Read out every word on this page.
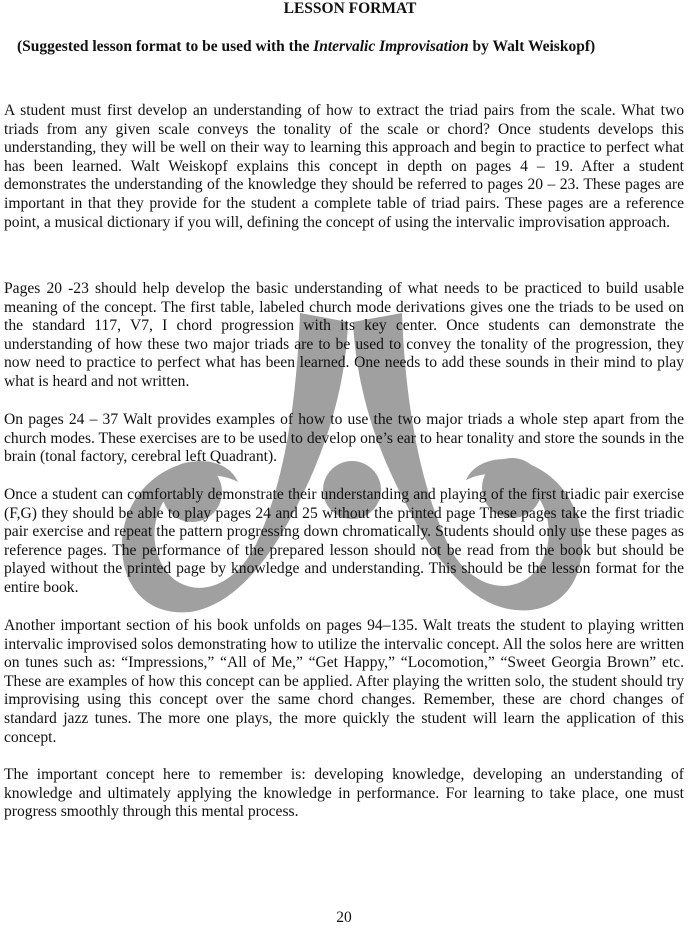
LESSON FORMAT

(Suggested lesson format to be used with the Intervalic Improvisation by Walt Weiskopf)

A student must first develop an understanding of how to extract the triad pairs from the scale. What two triads from any given scale conveys the tonality of the scale or chord? Once students develops this understanding, they will be well on their way to learning this approach and begin to practice to perfect what has been learned. Walt Weiskopf explains this concept in depth on pages 4 – 19. After a student demonstrates the understanding of the knowledge they should be referred to pages 20 – 23. These pages are important in that they provide for the student a complete table of triad pairs. These pages are a reference point, a musical dictionary if you will, defining the concept of using the intervalic improvisation approach.

Pages 20 -23 should help develop the basic understanding of what needs to be practiced to build usable meaning of the concept. The first table, labeled church mode derivations gives one the triads to be used on the standard 117, V7, I chord progression with its key center. Once students can demonstrate the understanding of how these two major triads are to be used to convey the tonality of the progression, they now need to practice to perfect what has been learned. One needs to add these sounds in their mind to play what is heard and not written.

On pages 24 – 37 Walt provides examples of how to use the two major triads a whole step apart from the church modes. These exercises are to be used to develop one’s ear to hear tonality and store the sounds in the brain (tonal factory, cerebral left Quadrant).

Once a student can comfortably demonstrate their understanding and playing of the first triadic pair exercise (F,G) they should be able to play pages 24 and 25 without the printed page These pages take the first triadic pair exercise and repeat the pattern progressing down chromatically. Students should only use these pages as reference pages. The performance of the prepared lesson should not be read from the book but should be played without the printed page by knowledge and understanding. This should be the lesson format for the entire book.

Another important section of his book unfolds on pages 94–135. Walt treats the student to playing written intervalic improvised solos demonstrating how to utilize the intervalic concept. All the solos here are written on tunes such as: “Impressions,” “All of Me,” “Get Happy,” “Locomotion,” “Sweet Georgia Brown” etc. These are examples of how this concept can be applied. After playing the written solo, the student should try improvising using this concept over the same chord changes. Remember, these are chord changes of standard jazz tunes. The more one plays, the more quickly the student will learn the application of this concept.

The important concept here to remember is: developing knowledge, developing an understanding of knowledge and ultimately applying the knowledge in performance. For learning to take place, one must progress smoothly through this mental process.

20
